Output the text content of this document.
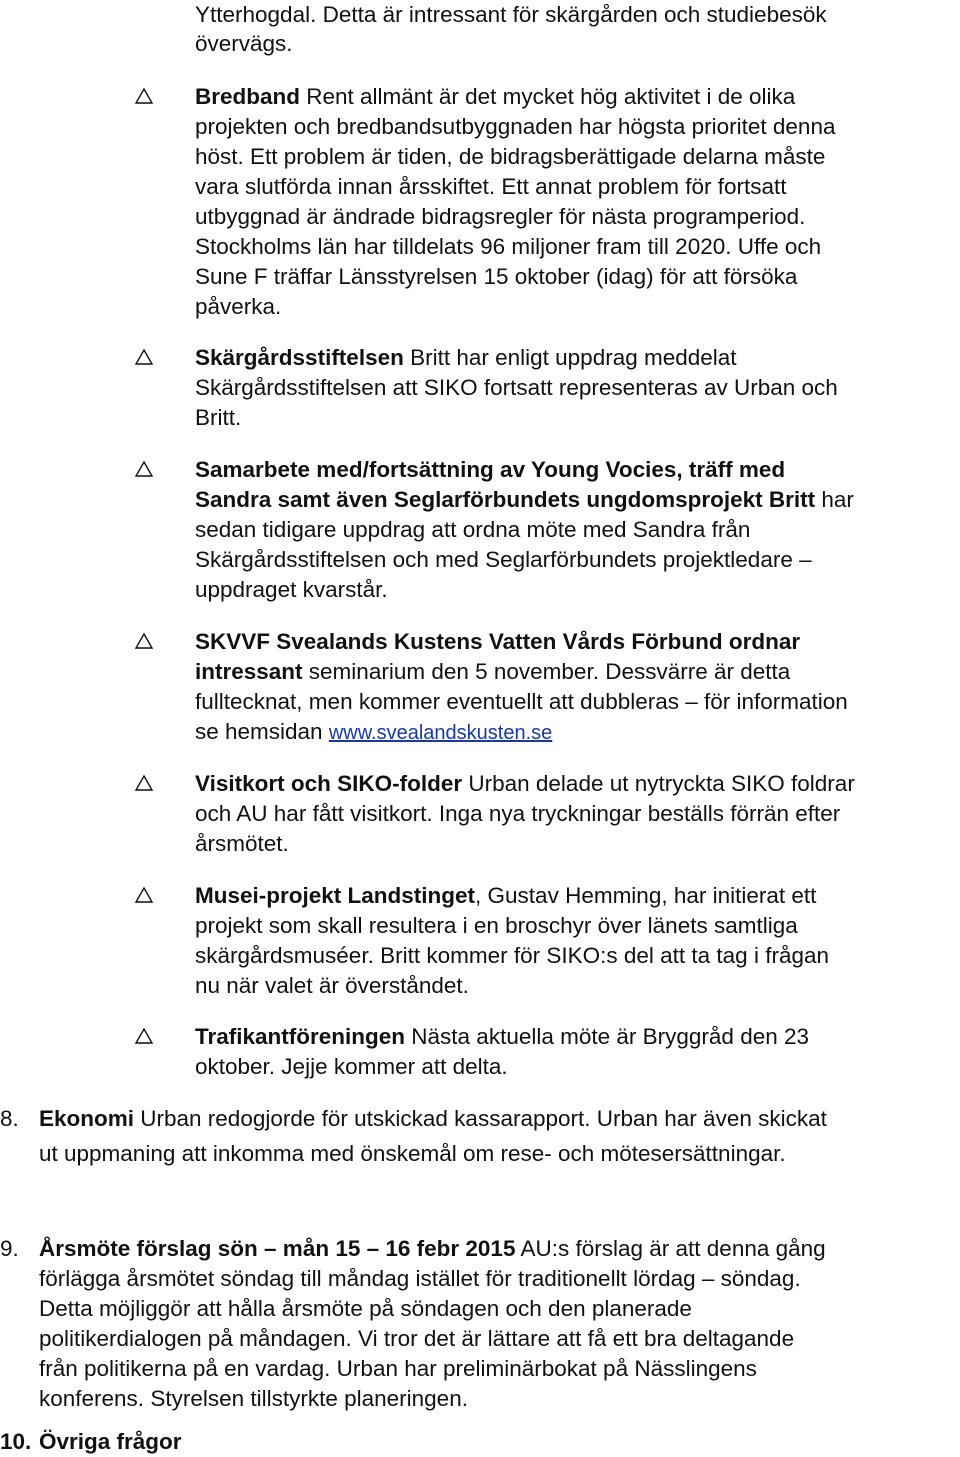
Ytterhogdal. Detta är intressant för skärgården och studiebesök
övervägs.
Bredband Rent allmänt är det mycket hög aktivitet i de olika
projekten och bredbandsutbyggnaden har högsta prioritet denna
höst. Ett problem är tiden, de bidragsberättigade delarna måste
vara slutförda innan årsskiftet. Ett annat problem för fortsatt
utbyggnad är ändrade bidragsregler för nästa programperiod.
Stockholms län har tilldelats 96 miljoner fram till 2020. Uffe och
Sune F träffar Länsstyrelsen 15 oktober (idag) för att försöka
påverka.
Skärgårdsstiftelsen Britt har enligt uppdrag meddelat
Skärgårdsstiftelsen att SIKO fortsatt representeras av Urban och
Britt.
Samarbete med/fortsättning av Young Vocies, träff med
Sandra samt även Seglarförbundets ungdomsprojekt Britt har
sedan tidigare uppdrag att ordna möte med Sandra från
Skärgårdsstiftelsen och med Seglarförbundets projektledare –
uppdraget kvarstår.
SKVVF Svealands Kustens Vatten Vårds Förbund ordnar
intressant seminarium den 5 november. Dessvärre är detta
fulltecknat, men kommer eventuellt att dubbleras – för information
se hemsidan www.svealandskusten.se
Visitkort och SIKO-folder Urban delade ut nytryckta SIKO foldrar
och AU har fått visitkort. Inga nya tryckningar beställs förrän efter
årsmötet.
Musei-projekt Landstinget, Gustav Hemming, har initierat ett
projekt som skall resultera i en broschyr över länets samtliga
skärgårdsmuséer. Britt kommer för SIKO:s del att ta tag i frågan
nu när valet är överståndet.
Trafikantföreningen Nästa aktuella möte är Bryggråd den 23
oktober. Jejje kommer att delta.
8. Ekonomi Urban redogjorde för utskickad kassarapport. Urban har även skickat
ut uppmaning att inkomma med önskemål om rese- och mötesersättningar.
9. Årsmöte förslag sön – mån 15 – 16 febr 2015 AU:s förslag är att denna gång
förlägga årsmötet söndag till måndag istället för traditionellt lördag – söndag.
Detta möjliggör att hålla årsmöte på söndagen och den planerade
politikerdialogen på måndagen. Vi tror det är lättare att få ett bra deltagande
från politikerna på en vardag. Urban har preliminärbokat på Nässlingens
konferens. Styrelsen tillstyrkte planeringen.
10. Övriga frågor
